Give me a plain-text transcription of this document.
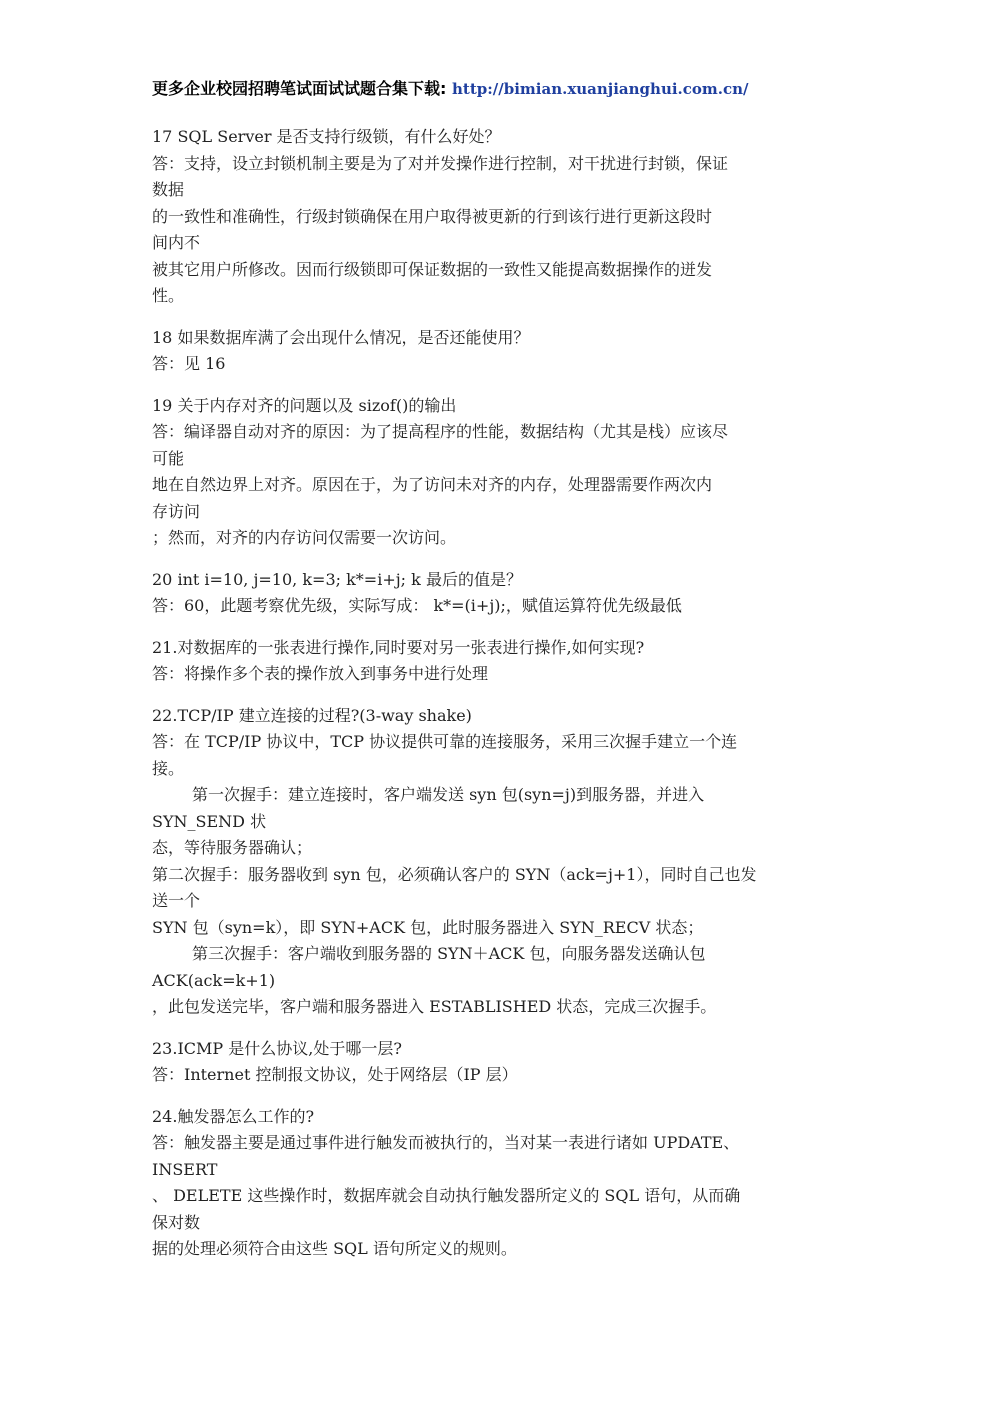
更多企业校园招聘笔试面试试题合集下载: http://bimian.xuanjianghui.com.cn/
17 SQL Server 是否支持行级锁，有什么好处？
答：支持，设立封锁机制主要是为了对并发操作进行控制，对干扰进行封锁，保证
数据
的一致性和准确性，行级封锁确保在用户取得被更新的行到该行进行更新这段时
间内不
被其它用户所修改。因而行级锁即可保证数据的一致性又能提高数据操作的迸发
性。
18 如果数据库满了会出现什么情况，是否还能使用？
答：见 16
19 关于内存对齐的问题以及 sizof()的输出
答：编译器自动对齐的原因：为了提高程序的性能，数据结构（尤其是栈）应该尽
可能
地在自然边界上对齐。原因在于，为了访问未对齐的内存，处理器需要作两次内
存访问
；然而，对齐的内存访问仅需要一次访问。
20 int i=10, j=10, k=3; k*=i+j; k 最后的值是？
答：60，此题考察优先级，实际写成： k*=(i+j);，赋值运算符优先级最低
21.对数据库的一张表进行操作,同时要对另一张表进行操作,如何实现?
答：将操作多个表的操作放入到事务中进行处理
22.TCP/IP 建立连接的过程?(3-way shake)
答：在 TCP/IP 协议中，TCP 协议提供可靠的连接服务，采用三次握手建立一个连
接。
第一次握手：建立连接时，客户端发送 syn 包(syn=j)到服务器，并进入
SYN_SEND 状
态，等待服务器确认；
第二次握手：服务器收到 syn 包，必须确认客户的 SYN（ack=j+1），同时自己也发
送一个
SYN 包（syn=k），即 SYN+ACK 包，此时服务器进入 SYN_RECV 状态；
第三次握手：客户端收到服务器的 SYN＋ACK 包，向服务器发送确认包
ACK(ack=k+1)
，此包发送完毕，客户端和服务器进入 ESTABLISHED 状态，完成三次握手。
23.ICMP 是什么协议,处于哪一层?
答：Internet 控制报文协议，处于网络层（IP 层）
24.触发器怎么工作的?
答：触发器主要是通过事件进行触发而被执行的，当对某一表进行诸如 UPDATE、
INSERT
、 DELETE 这些操作时，数据库就会自动执行触发器所定义的 SQL 语句，从而确
保对数
据的处理必须符合由这些 SQL 语句所定义的规则。
